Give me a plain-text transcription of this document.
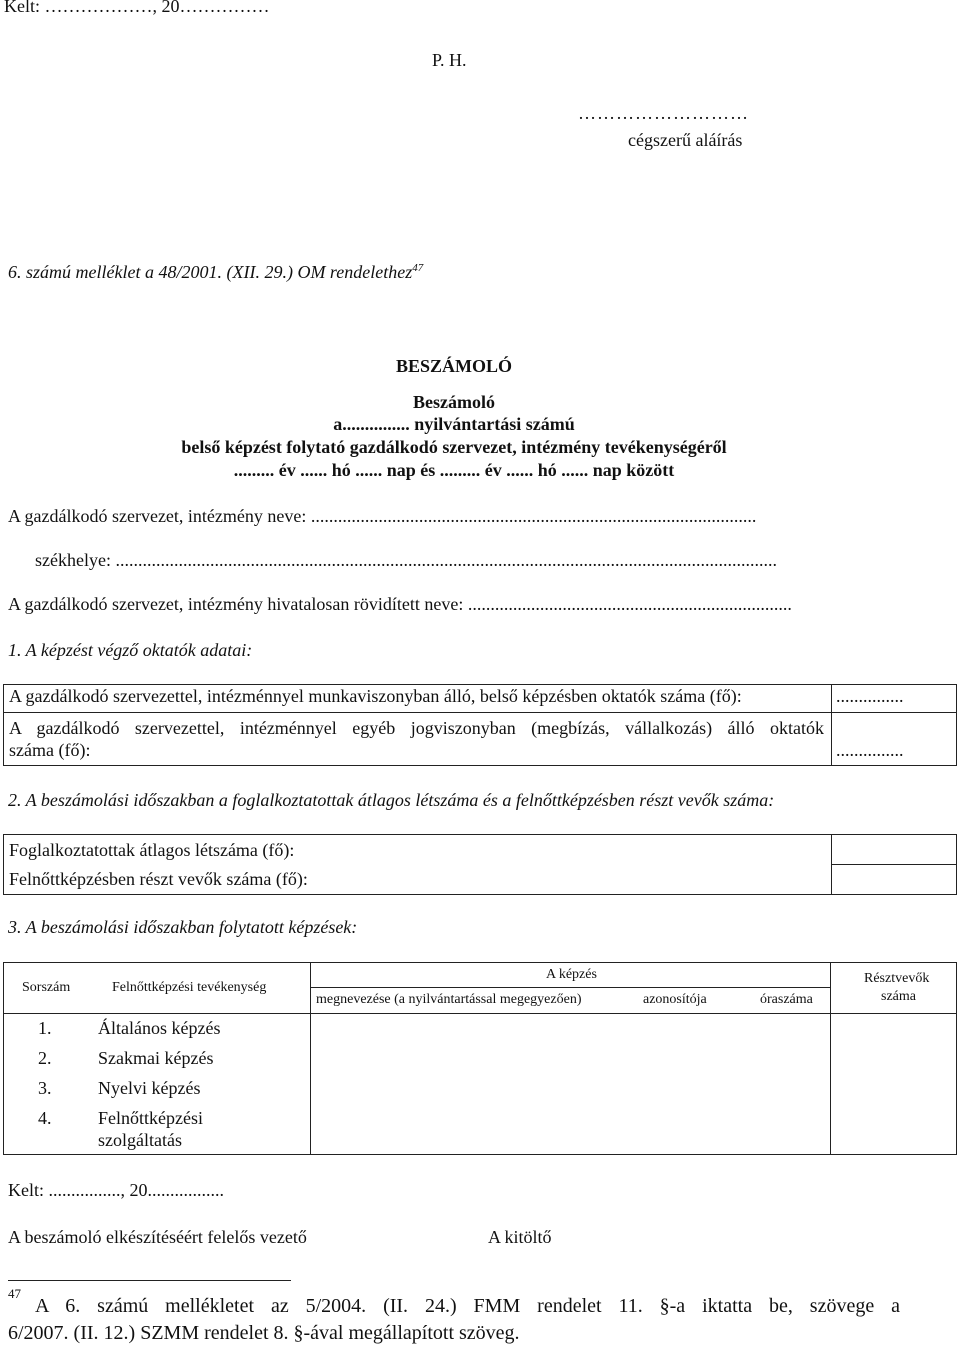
Kelt: ………………, 20……………
P. H.
………………………
cégszerű aláírás
6. számú melléklet a 48/2001. (XII. 29.) OM rendelethez$^{47}$
BESZÁMOLÓ
Beszámoló
a............... nyilvántartási számú
belső képzést folytató gazdálkodó szervezet, intézmény tevékenységéről
......... év ...... hó ...... nap és ......... év ...... hó ...... nap között
A gazdálkodó szervezet, intézmény neve: ...................................................................................................
székhelye: ...................................................................................................................................................
A gazdálkodó szervezet, intézmény hivatalosan rövidített neve: ........................................................................
1. A képzést végző oktatók adatai:
A gazdálkodó szervezettel, intézménnyel munkaviszonyban álló, belső képzésben oktatók száma (fő):	...............
A gazdálkodó szervezettel, intézménnyel egyéb jogviszonyban (megbízás, vállalkozás) álló oktatók
száma (fő):	...............
2. A beszámolási időszakban a foglalkoztatottak átlagos létszáma és a felnőttképzésben részt vevők száma:
Foglalkoztatottak átlagos létszáma (fő):
Felnőttképzésben részt vevők száma (fő):
3. A beszámolási időszakban folytatott képzések:
Sorszám	Felnőttképzési tevékenység
A képzés
megnevezése (a nyilvántartással megegyezően)	azonosítója	óraszáma
Résztvevők
száma
1.	Általános képzés
2.	Szakmai képzés
3.	Nyelvi képzés
4.	Felnőttképzési
szolgáltatás
Kelt: ................, 20.................
A beszámoló elkészítéséért felelős vezető	A kitöltő
47
A 6. számú mellékletet az 5/2004. (II. 24.) FMM rendelet 11. §-a iktatta be, szövege a
6/2007. (II. 12.) SZMM rendelet 8. §-ával megállapított szöveg.
